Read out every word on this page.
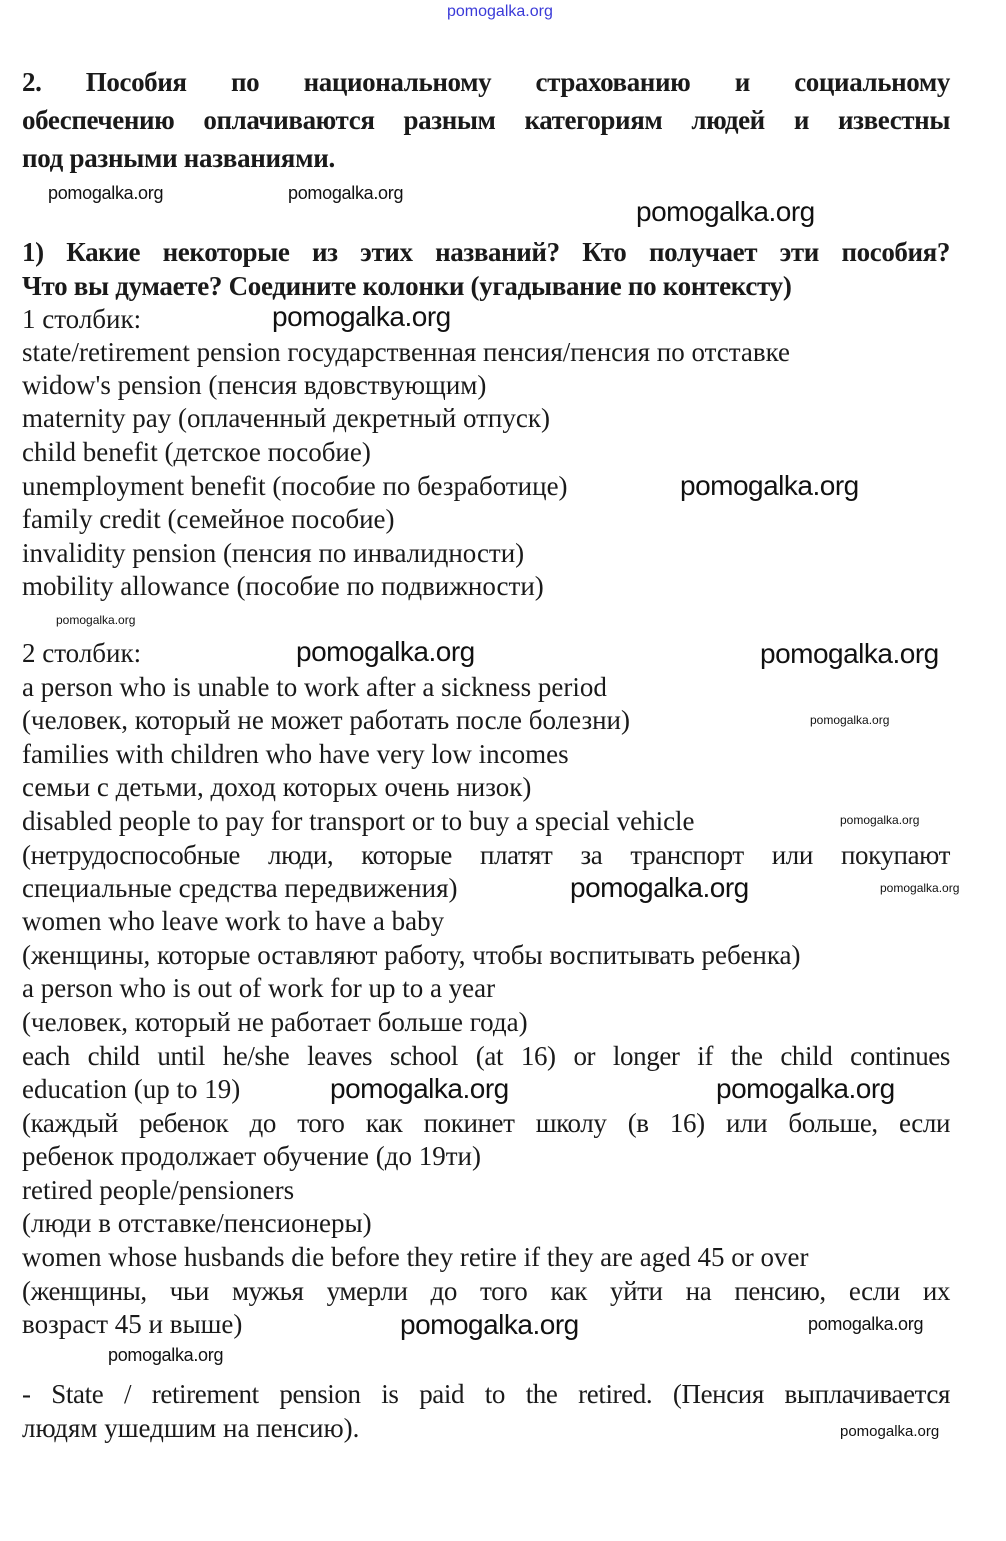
2. Пособия по национальному страхованию и социальному
обеспечению оплачиваются разным категориям людей и известны
под разными названиями.
1) Какие некоторые из этих названий? Кто получает эти пособия?
Что вы думаете? Соедините колонки (угадывание по контексту)
1 столбик:
state/retirement pension государственная пенсия/пенсия по отставке
widow's pension (пенсия вдовствующим)
maternity pay (оплаченный декретный отпуск)
child benefit (детское пособие)
unemployment benefit (пособие по безработице)
family credit (семейное пособие)
invalidity pension (пенсия по инвалидности)
mobility allowance (пособие по подвижности)
2 столбик:
a person who is unable to work after a sickness period
(человек, который не может работать после болезни)
families with children who have very low incomes
семьи с детьми, доход которых очень низок)
disabled people to pay for transport or to buy a special vehicle
(нетрудоспособные люди, которые платят за транспорт или покупают
специальные средства передвижения)
women who leave work to have a baby
(женщины, которые оставляют работу, чтобы воспитывать ребенка)
a person who is out of work for up to a year
(человек, который не работает больше года)
each child until he/she leaves school (at 16) or longer if the child continues
education (up to 19)
(каждый ребенок до того как покинет школу (в 16) или больше, если
ребенок продолжает обучение (до 19ти)
retired people/pensioners
(люди в отставке/пенсионеры)
women whose husbands die before they retire if they are aged 45 or over
(женщины, чьи мужья умерли до того как уйти на пенсию, если их
возраст 45 и выше)
- State / retirement pension is paid to the retired. (Пенсия выплачивается
людям ушедшим на пенсию).
pomogalka.org
pomogalka.org
pomogalka.org
pomogalka.org
pomogalka.org
pomogalka.org
pomogalka.org
pomogalka.org	pomogalka.org
pomogalka.org
pomogalka.org
pomogalka.org
pomogalka.org
pomogalka.org	pomogalka.org
pomogalka.org	pomogalka.org
pomogalka.org
pomogalka.org
